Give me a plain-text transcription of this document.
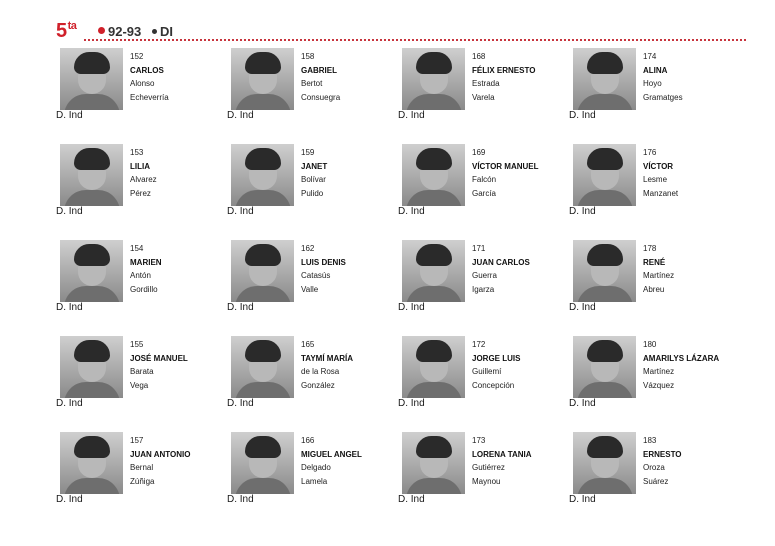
$5^{ta}$	92-93	DI
D. Ind
152
CARLOS
Alonso
Echeverría
D. Ind
158
GABRIEL
Bertot
Consuegra
D. Ind
168
FÉLIX ERNESTO
Estrada
Varela
D. Ind
174
ALINA
Hoyo
Gramatges
D. Ind
153
LILIA
Alvarez
Pérez
D. Ind
159
JANET
Bolívar
Pulido
D. Ind
169
VÍCTOR MANUEL
Falcón
García
D. Ind
176
VÍCTOR
Lesme
Manzanet
D. Ind
154
MARIEN
Antón
Gordillo
D. Ind
162
LUIS DENIS
Catasús
Valle
D. Ind
171
JUAN CARLOS
Guerra
Igarza
D. Ind
178
RENÉ
Martínez
Abreu
D. Ind
155
JOSÉ MANUEL
Barata
Vega
D. Ind
165
TAYMÍ MARÍA
de la Rosa
González
D. Ind
172
JORGE LUIS
Guillemí
Concepción
D. Ind
180
AMARILYS LÁZARA
Martínez
Vázquez
D. Ind
157
JUAN ANTONIO
Bernal
Zúñiga
D. Ind
166
MIGUEL ANGEL
Delgado
Lamela
D. Ind
173
LORENA TANIA
Gutiérrez
Maynou
D. Ind
183
ERNESTO
Oroza
Suárez
